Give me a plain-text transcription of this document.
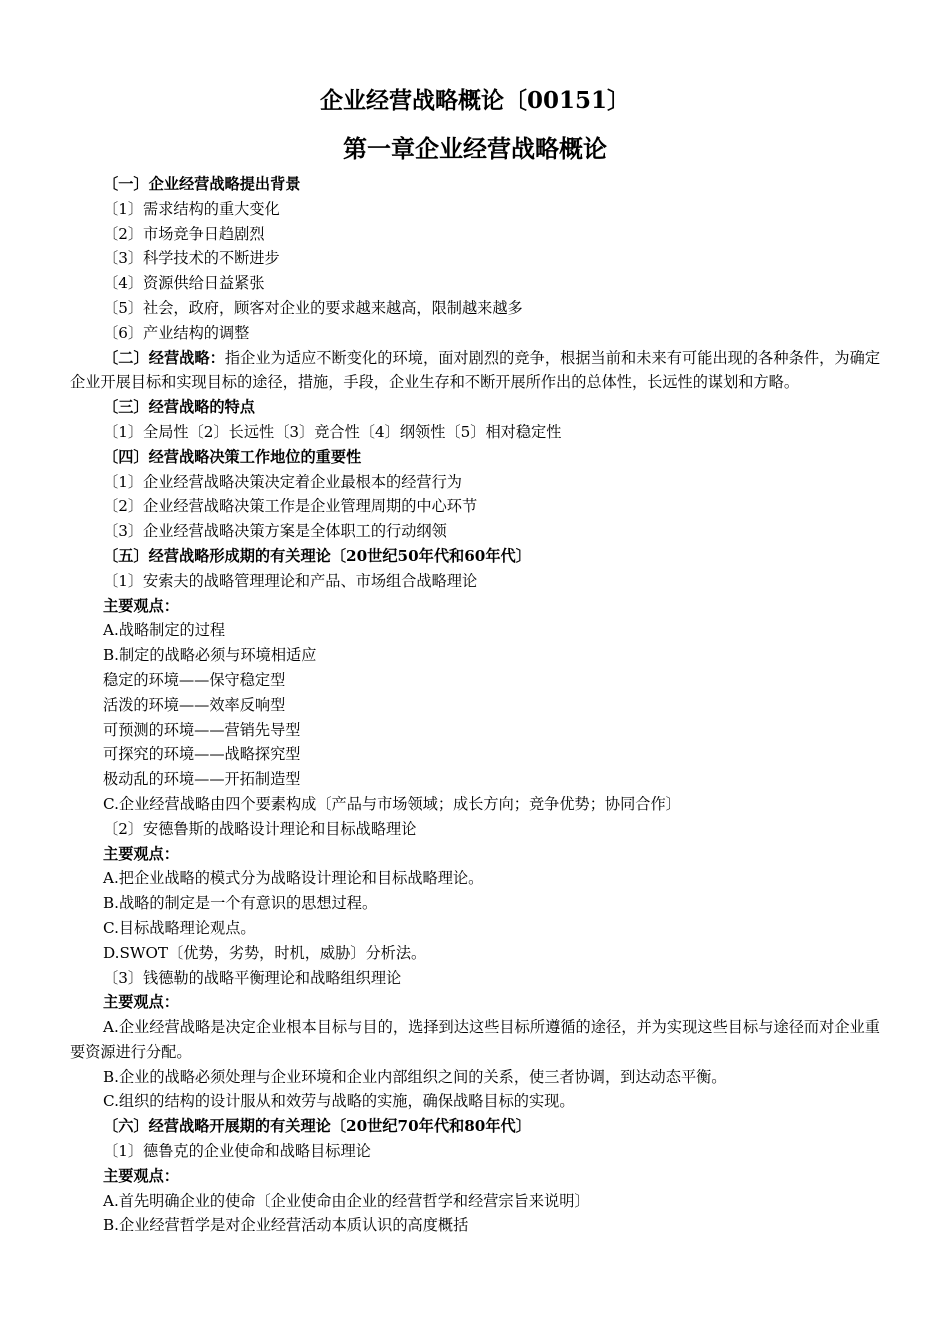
企业经营战略概论〔00151〕
第一章企业经营战略概论

〔一〕企业经营战略提出背景

〔1〕需求结构的重大变化

〔2〕市场竞争日趋剧烈

〔3〕科学技术的不断进步

〔4〕资源供给日益紧张

〔5〕社会，政府，顾客对企业的要求越来越高，限制越来越多

〔6〕产业结构的调整

〔二〕经营战略：指企业为适应不断变化的环境，面对剧烈的竞争，根据当前和未来有可能出现的各种条件，为确定企业开展目标和实现目标的途径，措施，手段，企业生存和不断开展所作出的总体性，长远性的谋划和方略。

〔三〕经营战略的特点

〔1〕全局性〔2〕长远性〔3〕竞合性〔4〕纲领性〔5〕相对稳定性

〔四〕经营战略决策工作地位的重要性

〔1〕企业经营战略决策决定着企业最根本的经营行为

〔2〕企业经营战略决策工作是企业管理周期的中心环节

〔3〕企业经营战略决策方案是全体职工的行动纲领

〔五〕经营战略形成期的有关理论〔20世纪50年代和60年代〕

〔1〕安索夫的战略管理理论和产品、市场组合战略理论

主要观点：

A.战略制定的过程

B.制定的战略必须与环境相适应

稳定的环境——保守稳定型

活泼的环境——效率反响型

可预测的环境——营销先导型

可探究的环境——战略探究型

极动乱的环境——开拓制造型

C.企业经营战略由四个要素构成〔产品与市场领域；成长方向；竞争优势；协同合作〕

〔2〕安德鲁斯的战略设计理论和目标战略理论

主要观点：

A.把企业战略的模式分为战略设计理论和目标战略理论。

B.战略的制定是一个有意识的思想过程。

C.目标战略理论观点。

D.SWOT〔优势，劣势，时机，威胁〕分析法。

〔3〕钱德勒的战略平衡理论和战略组织理论

主要观点：

A.企业经营战略是决定企业根本目标与目的，选择到达这些目标所遵循的途径，并为实现这些目标与途径而对企业重要资源进行分配。

B.企业的战略必须处理与企业环境和企业内部组织之间的关系，使三者协调，到达动态平衡。

C.组织的结构的设计服从和效劳与战略的实施，确保战略目标的实现。

〔六〕经营战略开展期的有关理论〔20世纪70年代和80年代〕

〔1〕德鲁克的企业使命和战略目标理论

主要观点：

A.首先明确企业的使命〔企业使命由企业的经营哲学和经营宗旨来说明〕

B.企业经营哲学是对企业经营活动本质认识的高度概括
